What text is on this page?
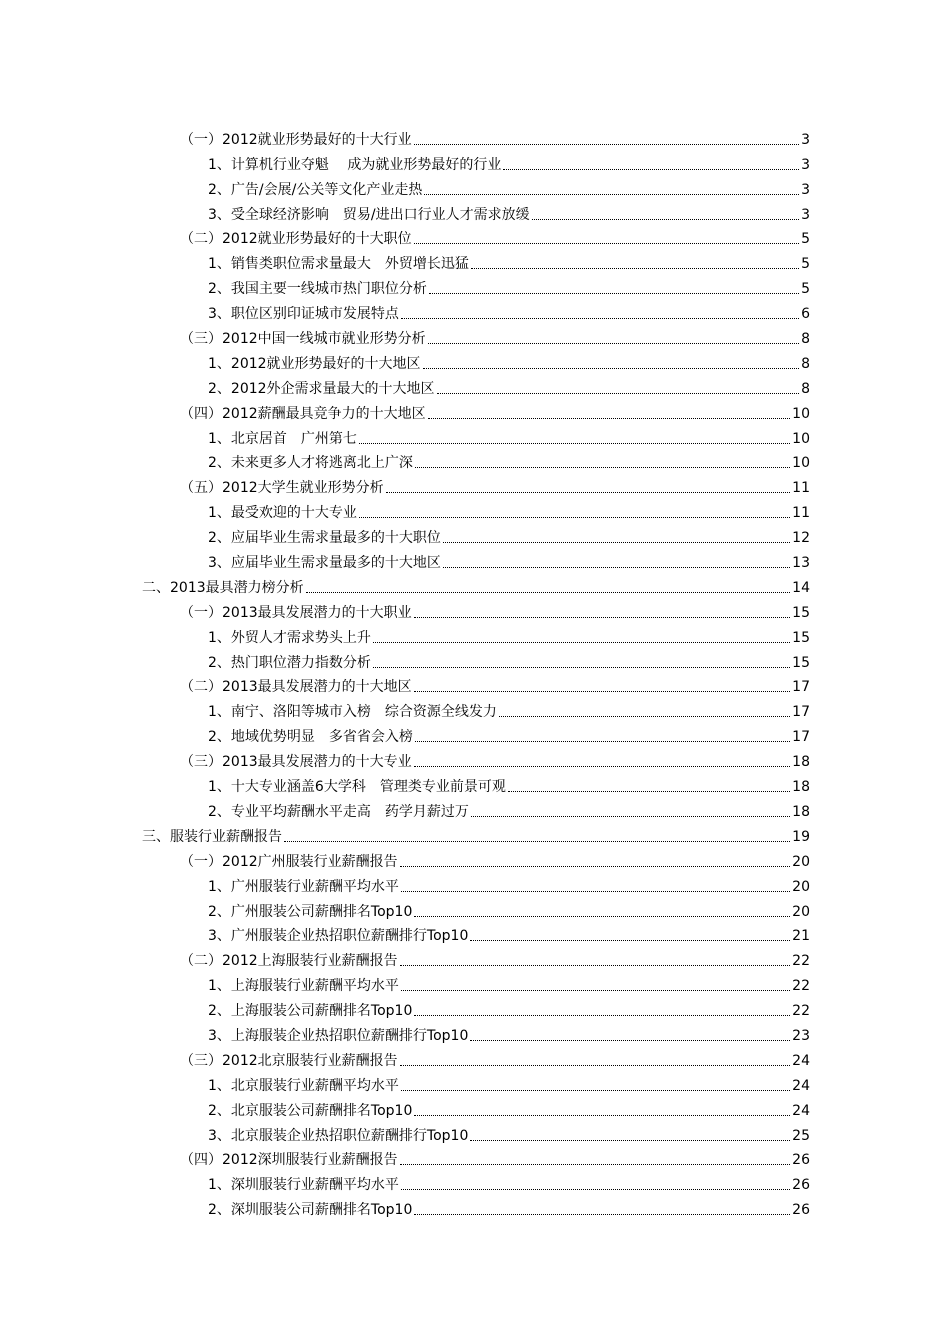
（一）2012就业形势最好的十大行业	3
1、计算机行业夺魁　 成为就业形势最好的行业	3
2、广告/会展/公关等文化产业走热	3
3、受全球经济影响　贸易/进出口行业人才需求放缓	3
（二）2012就业形势最好的十大职位	5
1、销售类职位需求量最大　外贸增长迅猛	5
2、我国主要一线城市热门职位分析	5
3、职位区别印证城市发展特点	6
（三）2012中国一线城市就业形势分析	8
1、2012就业形势最好的十大地区	8
2、2012外企需求量最大的十大地区	8
（四）2012薪酬最具竞争力的十大地区	10
1、北京居首　广州第七	10
2、未来更多人才将逃离北上广深	10
（五）2012大学生就业形势分析	11
1、最受欢迎的十大专业	11
2、应届毕业生需求量最多的十大职位	12
3、应届毕业生需求量最多的十大地区	13
二、2013最具潜力榜分析	14
（一）2013最具发展潜力的十大职业	15
1、外贸人才需求势头上升	15
2、热门职位潜力指数分析	15
（二）2013最具发展潜力的十大地区	17
1、南宁、洛阳等城市入榜　综合资源全线发力	17
2、地域优势明显　多省省会入榜	17
（三）2013最具发展潜力的十大专业	18
1、十大专业涵盖6大学科　管理类专业前景可观	18
2、专业平均薪酬水平走高　药学月薪过万	18
三、服装行业薪酬报告	19
（一）2012广州服装行业薪酬报告	20
1、广州服装行业薪酬平均水平	20
2、广州服装公司薪酬排名Top10	20
3、广州服装企业热招职位薪酬排行Top10	21
（二）2012上海服装行业薪酬报告	22
1、上海服装行业薪酬平均水平	22
2、上海服装公司薪酬排名Top10	22
3、上海服装企业热招职位薪酬排行Top10	23
（三）2012北京服装行业薪酬报告	24
1、北京服装行业薪酬平均水平	24
2、北京服装公司薪酬排名Top10	24
3、北京服装企业热招职位薪酬排行Top10	25
（四）2012深圳服装行业薪酬报告	26
1、深圳服装行业薪酬平均水平	26
2、深圳服装公司薪酬排名Top10	26
